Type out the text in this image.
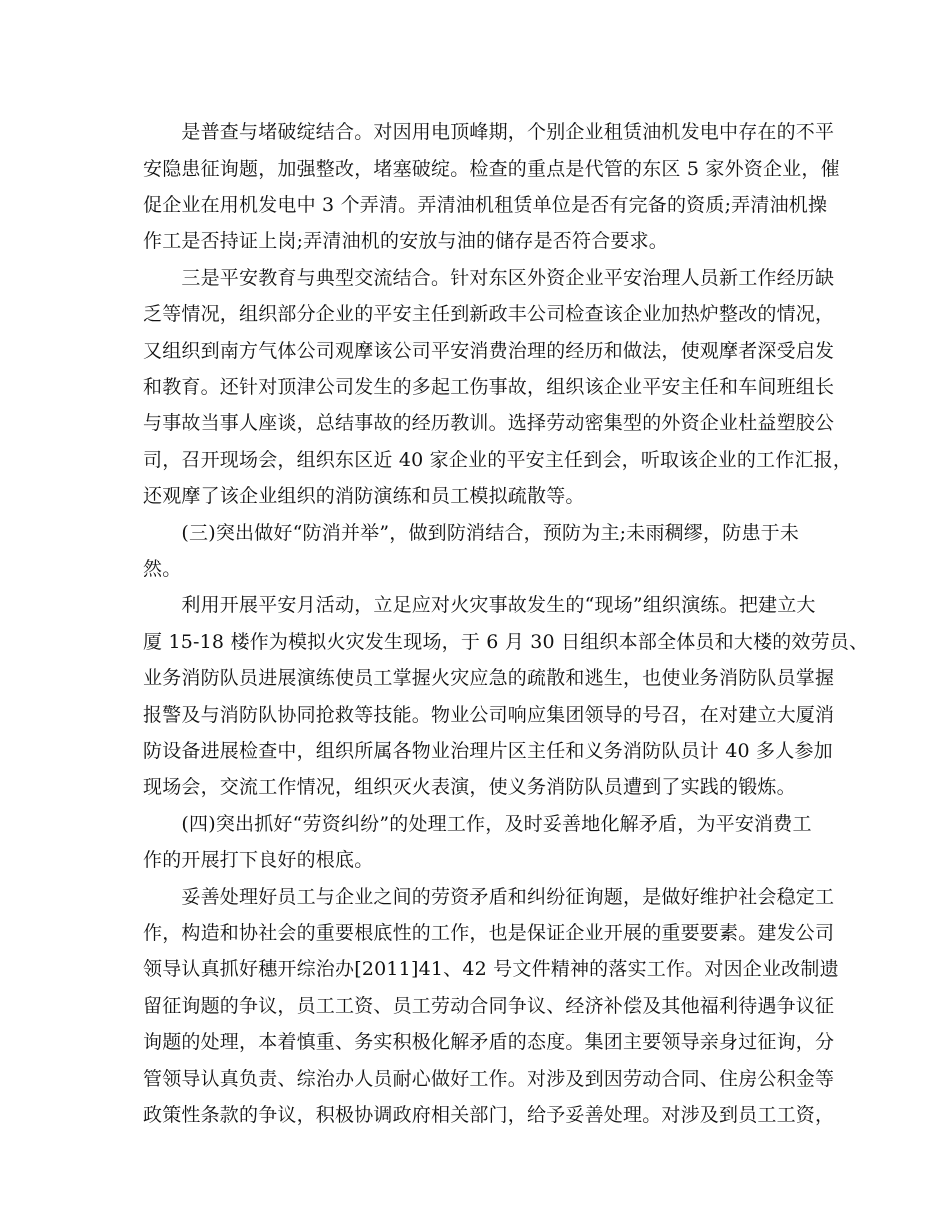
　　是普查与堵破绽结合。对因用电顶峰期，个别企业租赁油机发电中存在的不平
安隐患征询题，加强整改，堵塞破绽。检查的重点是代管的东区 5 家外资企业，催
促企业在用机发电中 3 个弄清。弄清油机租赁单位是否有完备的资质;弄清油机操
作工是否持证上岗;弄清油机的安放与油的储存是否符合要求。
　　三是平安教育与典型交流结合。针对东区外资企业平安治理人员新工作经历缺
乏等情况，组织部分企业的平安主任到新政丰公司检查该企业加热炉整改的情况，
又组织到南方气体公司观摩该公司平安消费治理的经历和做法，使观摩者深受启发
和教育。还针对顶津公司发生的多起工伤事故，组织该企业平安主任和车间班组长
与事故当事人座谈，总结事故的经历教训。选择劳动密集型的外资企业杜益塑胶公
司，召开现场会，组织东区近 40 家企业的平安主任到会，听取该企业的工作汇报，
还观摩了该企业组织的消防演练和员工模拟疏散等。
　　(三)突出做好“防消并举”，做到防消结合，预防为主;未雨稠缪，防患于未
然。
　　利用开展平安月活动，立足应对火灾事故发生的“现场”组织演练。把建立大
厦 15-18 楼作为模拟火灾发生现场，于 6 月 30 日组织本部全体员和大楼的效劳员、
业务消防队员进展演练使员工掌握火灾应急的疏散和逃生，也使业务消防队员掌握
报警及与消防队协同抢救等技能。物业公司响应集团领导的号召，在对建立大厦消
防设备进展检查中，组织所属各物业治理片区主任和义务消防队员计 40 多人参加
现场会，交流工作情况，组织灭火表演，使义务消防队员遭到了实践的锻炼。
　　(四)突出抓好“劳资纠纷”的处理工作，及时妥善地化解矛盾，为平安消费工
作的开展打下良好的根底。
　　妥善处理好员工与企业之间的劳资矛盾和纠纷征询题，是做好维护社会稳定工
作，构造和协社会的重要根底性的工作，也是保证企业开展的重要要素。建发公司
领导认真抓好穗开综治办[2011]41、42 号文件精神的落实工作。对因企业改制遗
留征询题的争议，员工工资、员工劳动合同争议、经济补偿及其他福利待遇争议征
询题的处理，本着慎重、务实积极化解矛盾的态度。集团主要领导亲身过征询，分
管领导认真负责、综治办人员耐心做好工作。对涉及到因劳动合同、住房公积金等
政策性条款的争议，积极协调政府相关部门，给予妥善处理。对涉及到员工工资，
